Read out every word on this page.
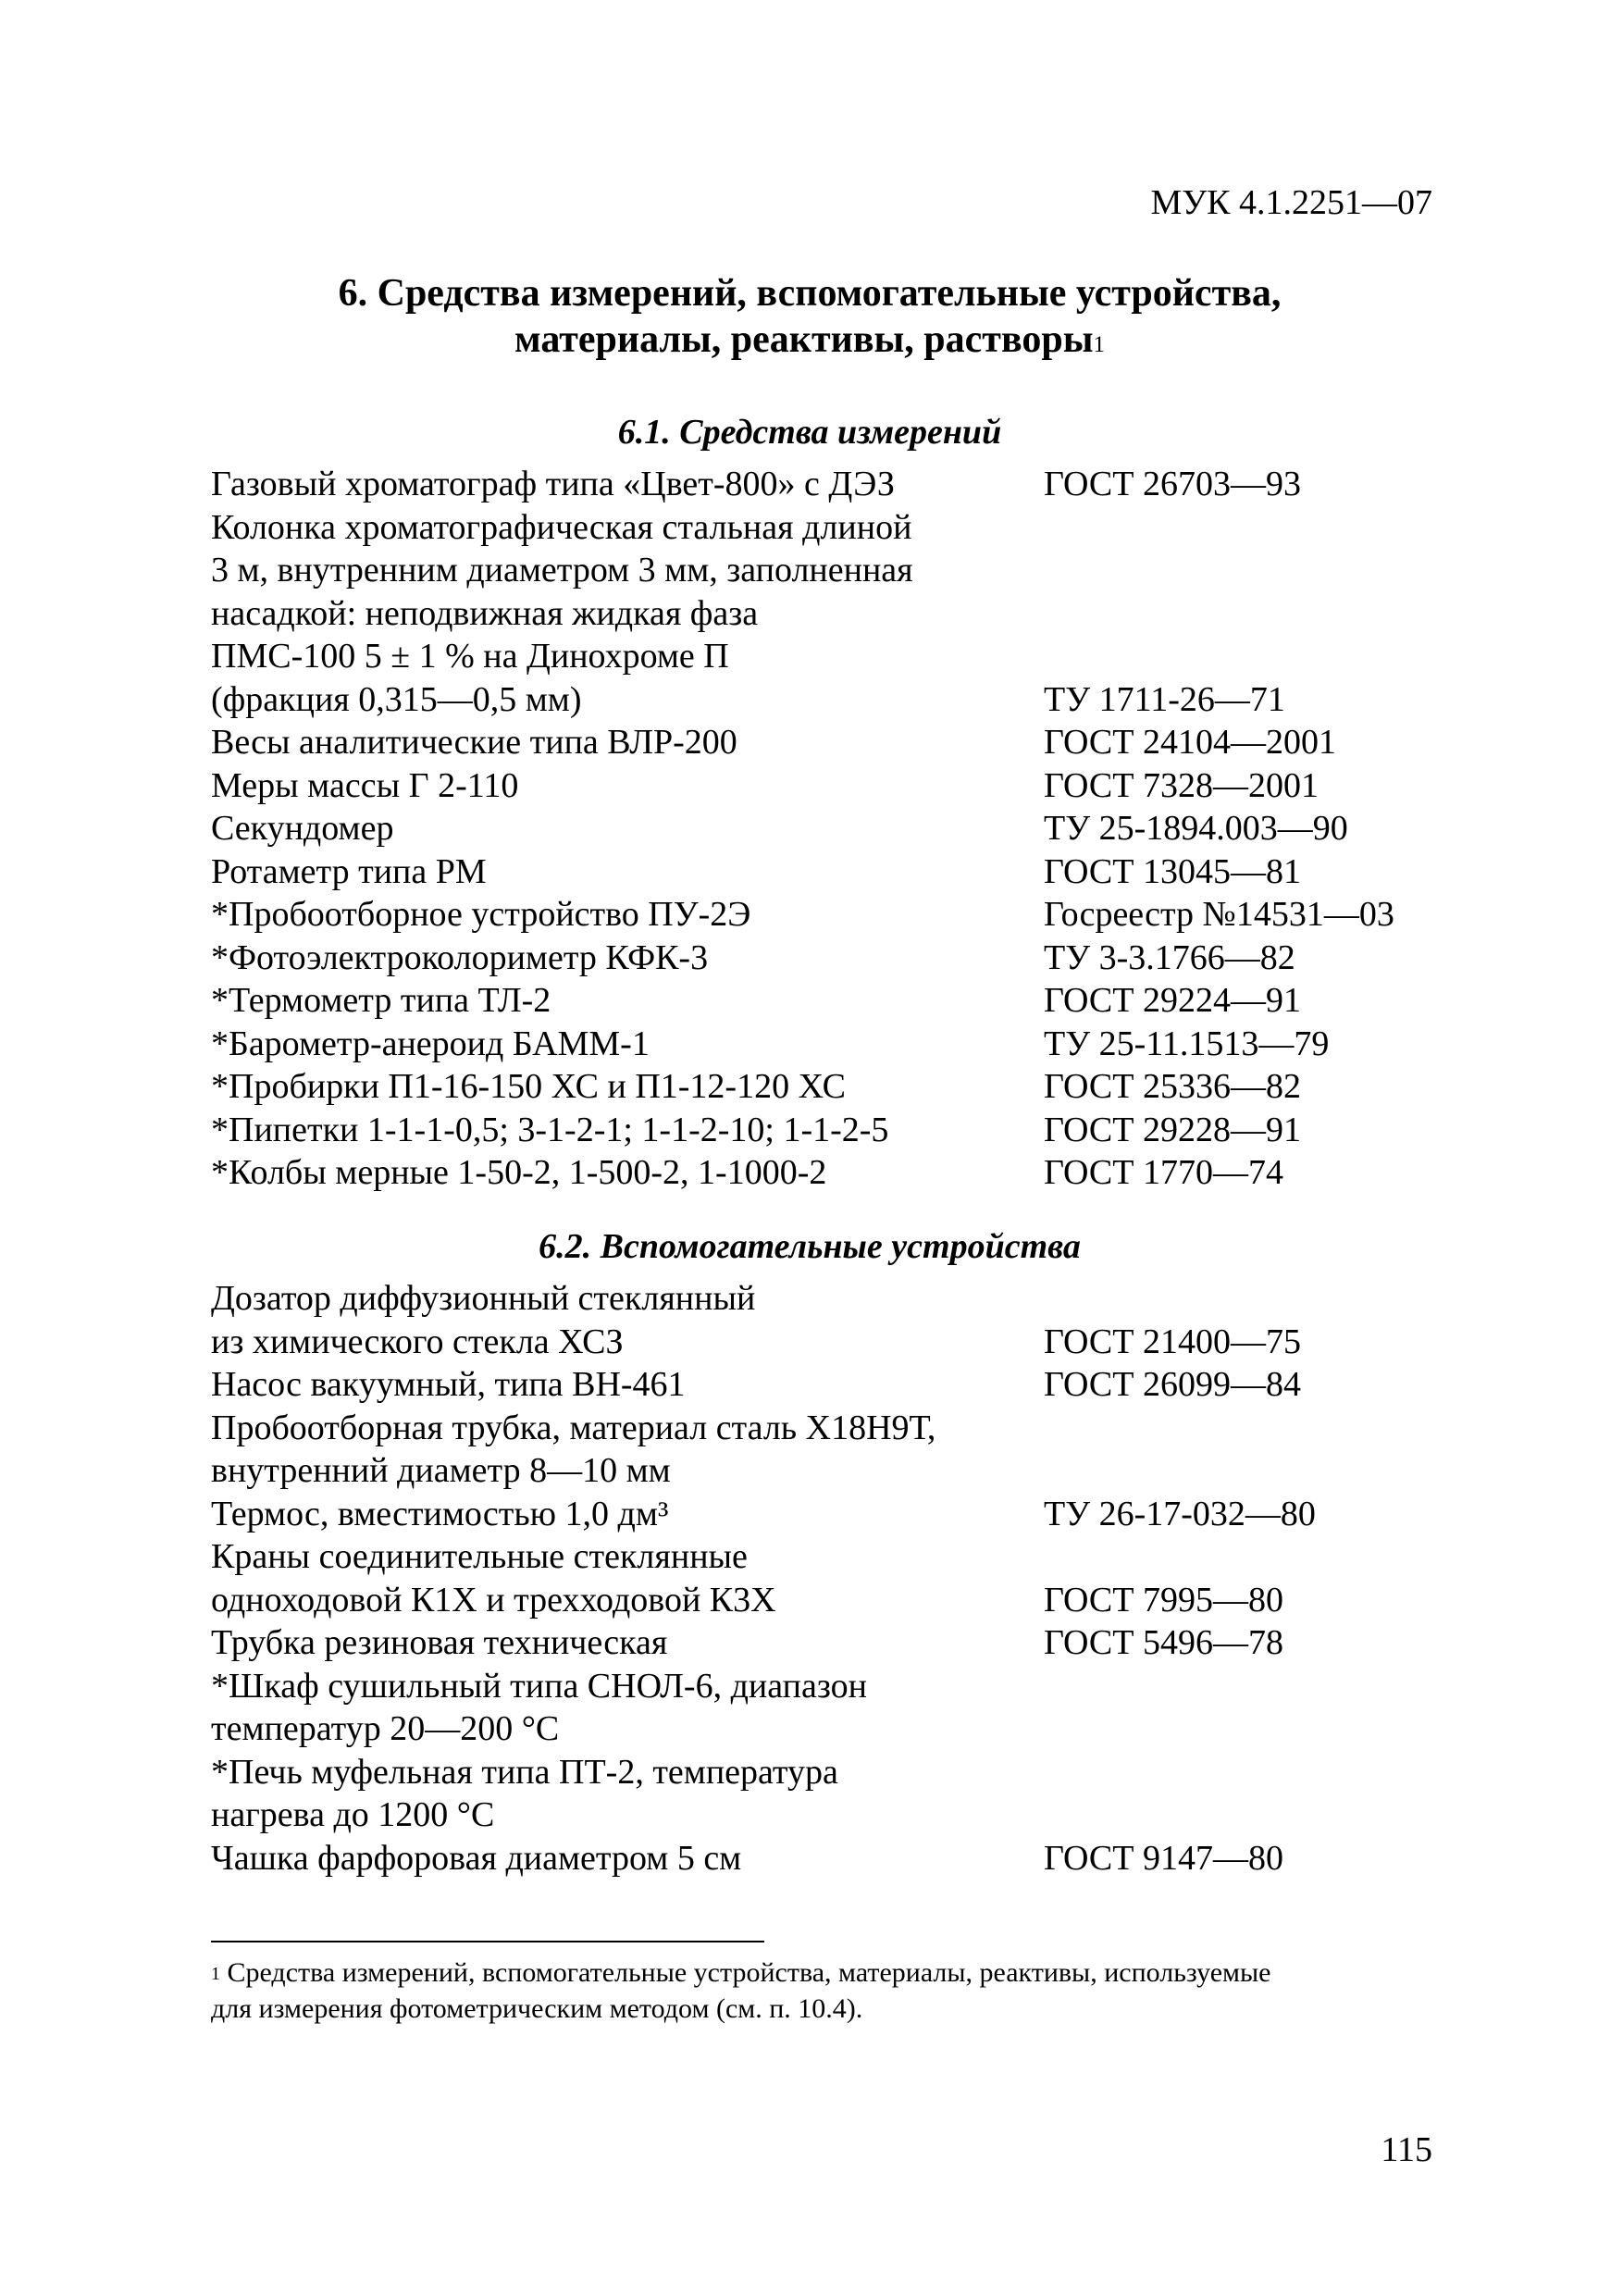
МУК 4.1.2251—07
6. Средства измерений, вспомогательные устройства,
материалы, реактивы, растворы$^1$
6.1. Средства измерений
Газовый хроматограф типа «Цвет-800» с ДЭЗ	ГОСТ 26703—93
Колонка хроматографическая стальная длиной
3 м, внутренним диаметром 3 мм, заполненная
насадкой: неподвижная жидкая фаза
ПМС-100 5 ± 1 % на Динохроме П
(фракция 0,315—0,5 мм)	ТУ 1711-26—71
Весы аналитические типа ВЛР-200	ГОСТ 24104—2001
Меры массы Г 2-110	ГОСТ 7328—2001
Секундомер	ТУ 25-1894.003—90
Ротаметр типа РМ	ГОСТ 13045—81
*Пробоотборное устройство ПУ-2Э	Госреестр №14531—03
*Фотоэлектроколориметр КФК-3	ТУ 3-3.1766—82
*Термометр типа ТЛ-2	ГОСТ 29224—91
*Барометр-анероид БАММ-1	ТУ 25-11.1513—79
*Пробирки П1-16-150 ХС и П1-12-120 ХС	ГОСТ 25336—82
*Пипетки 1-1-1-0,5; 3-1-2-1; 1-1-2-10; 1-1-2-5	ГОСТ 29228—91
*Колбы мерные 1-50-2, 1-500-2, 1-1000-2	ГОСТ 1770—74
6.2. Вспомогательные устройства
Дозатор диффузионный стеклянный
из химического стекла ХСЗ	ГОСТ 21400—75
Насос вакуумный, типа ВН-461	ГОСТ 26099—84
Пробоотборная трубка, материал сталь Х18Н9Т,
внутренний диаметр 8—10 мм
Термос, вместимостью 1,0 дм³	ТУ 26-17-032—80
Краны соединительные стеклянные
одноходовой К1Х и трехходовой К3Х	ГОСТ 7995—80
Трубка резиновая техническая	ГОСТ 5496—78
*Шкаф сушильный типа СНОЛ-6, диапазон
температур 20—200 °С
*Печь муфельная типа ПТ-2, температура
нагрева до 1200 °С
Чашка фарфоровая диаметром 5 см	ГОСТ 9147—80
$^1$ Средства измерений, вспомогательные устройства, материалы, реактивы, используемые
для измерения фотометрическим методом (см. п. 10.4).
115
